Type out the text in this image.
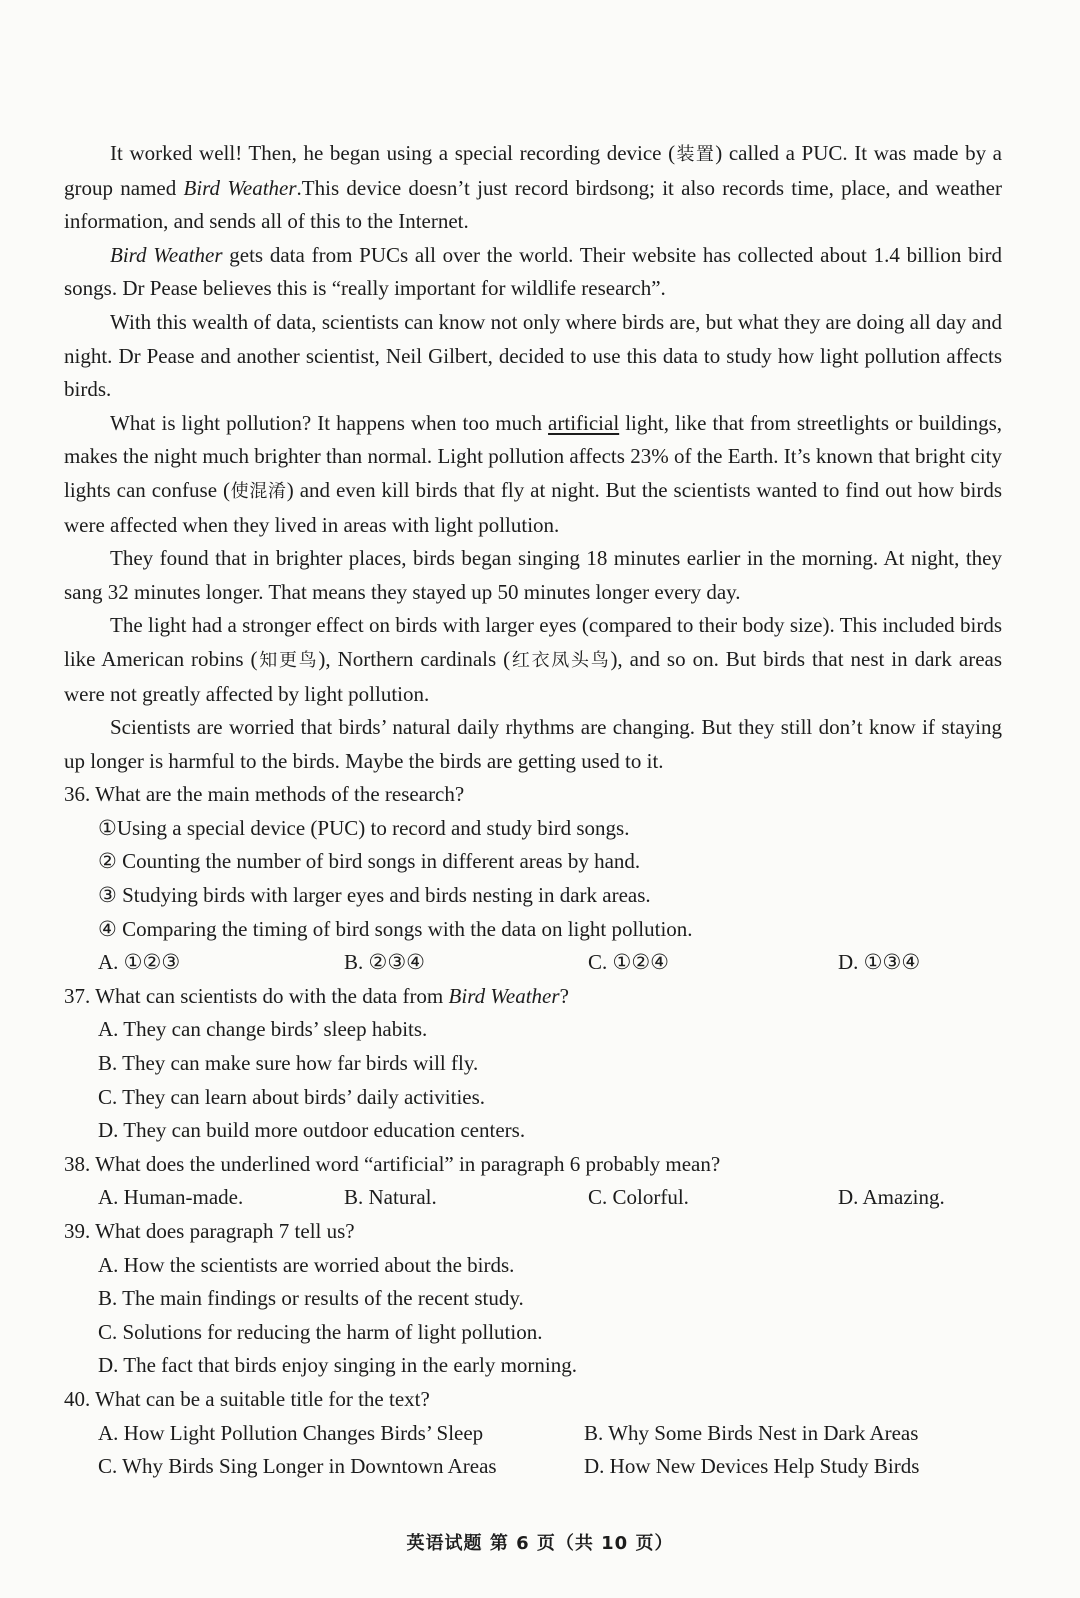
It worked well! Then, he began using a special recording device (装置) called a PUC. It was made by a group named Bird Weather.This device doesn’t just record birdsong; it also records time, place, and weather information, and sends all of this to the Internet.

Bird Weather gets data from PUCs all over the world. Their website has collected about 1.4 billion bird songs. Dr Pease believes this is “really important for wildlife research”.

With this wealth of data, scientists can know not only where birds are, but what they are doing all day and night. Dr Pease and another scientist, Neil Gilbert, decided to use this data to study how light pollution affects birds.

What is light pollution? It happens when too much artificial light, like that from streetlights or buildings, makes the night much brighter than normal. Light pollution affects 23% of the Earth. It’s known that bright city lights can confuse (使混淆) and even kill birds that fly at night. But the scientists wanted to find out how birds were affected when they lived in areas with light pollution.

They found that in brighter places, birds began singing 18 minutes earlier in the morning. At night, they sang 32 minutes longer. That means they stayed up 50 minutes longer every day.

The light had a stronger effect on birds with larger eyes (compared to their body size). This included birds like American robins (知更鸟), Northern cardinals (红衣凤头鸟), and so on. But birds that nest in dark areas were not greatly affected by light pollution.

Scientists are worried that birds’ natural daily rhythms are changing. But they still don’t know if staying up longer is harmful to the birds. Maybe the birds are getting used to it.

36. What are the main methods of the research?

①Using a special device (PUC) to record and study bird songs.

② Counting the number of bird songs in different areas by hand.

③ Studying birds with larger eyes and birds nesting in dark areas.

④ Comparing the timing of bird songs with the data on light pollution.

A. ①②③	B. ②③④	C. ①②④	D. ①③④

37. What can scientists do with the data from Bird Weather?

A. They can change birds’ sleep habits.

B. They can make sure how far birds will fly.

C. They can learn about birds’ daily activities.

D. They can build more outdoor education centers.

38. What does the underlined word “artificial” in paragraph 6 probably mean?

A. Human-made.	B. Natural.	C. Colorful.	D. Amazing.

39. What does paragraph 7 tell us?

A. How the scientists are worried about the birds.

B. The main findings or results of the recent study.

C. Solutions for reducing the harm of light pollution.

D. The fact that birds enjoy singing in the early morning.

40. What can be a suitable title for the text?

A. How Light Pollution Changes Birds’ Sleep	B. Why Some Birds Nest in Dark Areas
C. Why Birds Sing Longer in Downtown Areas	D. How New Devices Help Study Birds
英语试题 第 6 页（共 10 页）
